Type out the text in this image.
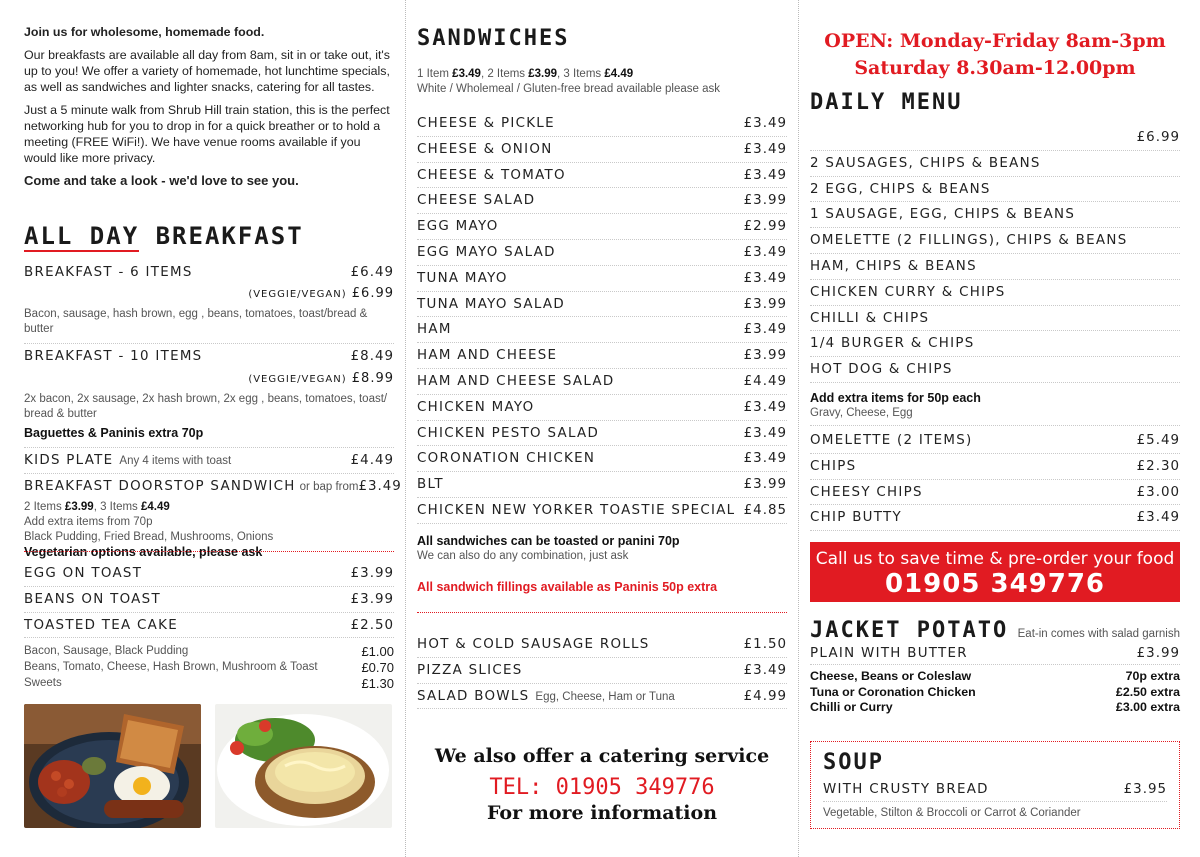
Join us for wholesome, homemade food.

Our breakfasts are available all day from 8am, sit in or take out, it's up to you! We offer a variety of homemade, hot lunchtime specials, as well as sandwiches and lighter snacks, catering for all tastes.

Just a 5 minute walk from Shrub Hill train station, this is the perfect networking hub for you to drop in for a quick breather or to hold a meeting (FREE WiFi!). We have venue rooms available if you would like more privacy.

Come and take a look - we'd love to see you.

ALL DAY BREAKFAST
BREAKFAST - 6 ITEMS	£6.49
(VEGGIE/VEGAN) £6.99
Bacon, sausage, hash brown, egg , beans, tomatoes, toast/bread & butter
BREAKFAST - 10 ITEMS	£8.49
(VEGGIE/VEGAN) £8.99
2x bacon, 2x sausage, 2x hash brown, 2x egg , beans, tomatoes, toast/ bread & butter
Baguettes & Paninis extra 70p
KIDS PLATE Any 4 items with toast	£4.49
BREAKFAST DOORSTOP SANDWICH or bap from £3.49
2 Items £3.99, 3 Items £4.49
Add extra items from 70p
Black Pudding, Fried Bread, Mushrooms, Onions
Vegetarian options available, please ask
EGG ON TOAST	£3.99
BEANS ON TOAST	£3.99
TOASTED TEA CAKE	£2.50
Bacon, Sausage, Black Pudding	£1.00
Beans, Tomato, Cheese, Hash Brown, Mushroom & Toast	£0.70
Sweets	£1.30
SANDWICHES
1 Item £3.49, 2 Items £3.99, 3 Items £4.49
White / Wholemeal / Gluten-free bread available please ask
CHEESE & PICKLE	£3.49
CHEESE & ONION	£3.49
CHEESE & TOMATO	£3.49
CHEESE SALAD	£3.99
EGG MAYO	£2.99
EGG MAYO SALAD	£3.49
TUNA MAYO	£3.49
TUNA MAYO SALAD	£3.99
HAM	£3.49
HAM AND CHEESE	£3.99
HAM AND CHEESE SALAD	£4.49
CHICKEN MAYO	£3.49
CHICKEN PESTO SALAD	£3.49
CORONATION CHICKEN	£3.49
BLT	£3.99
CHICKEN NEW YORKER TOASTIE SPECIAL £4.85
All sandwiches can be toasted or panini 70p
We can also do any combination, just ask
All sandwich fillings available as Paninis 50p extra
HOT & COLD SAUSAGE ROLLS	£1.50
PIZZA SLICES	£3.49
SALAD BOWLS Egg, Cheese, Ham or Tuna	£4.99
We also offer a catering service
TEL: 01905 349776
For more information
OPEN: Monday-Friday 8am-3pm
Saturday 8.30am-12.00pm
DAILY MENU
£6.99
2 SAUSAGES, CHIPS & BEANS
2 EGG, CHIPS & BEANS
1 SAUSAGE, EGG, CHIPS & BEANS
OMELETTE (2 FILLINGS), CHIPS & BEANS
HAM, CHIPS & BEANS
CHICKEN CURRY & CHIPS
CHILLI & CHIPS
1/4 BURGER & CHIPS
HOT DOG & CHIPS
Add extra items for 50p each
Gravy, Cheese, Egg
OMELETTE (2 ITEMS)	£5.49
CHIPS	£2.30
CHEESY CHIPS	£3.00
CHIP BUTTY	£3.49
Call us to save time & pre-order your food
01905 349776
JACKET POTATO Eat-in comes with salad garnish
PLAIN WITH BUTTER	£3.99
Cheese, Beans or Coleslaw	70p extra
Tuna or Coronation Chicken	£2.50 extra
Chilli or Curry	£3.00 extra
SOUP
WITH CRUSTY BREAD	£3.95
Vegetable, Stilton & Broccoli or Carrot & Coriander
